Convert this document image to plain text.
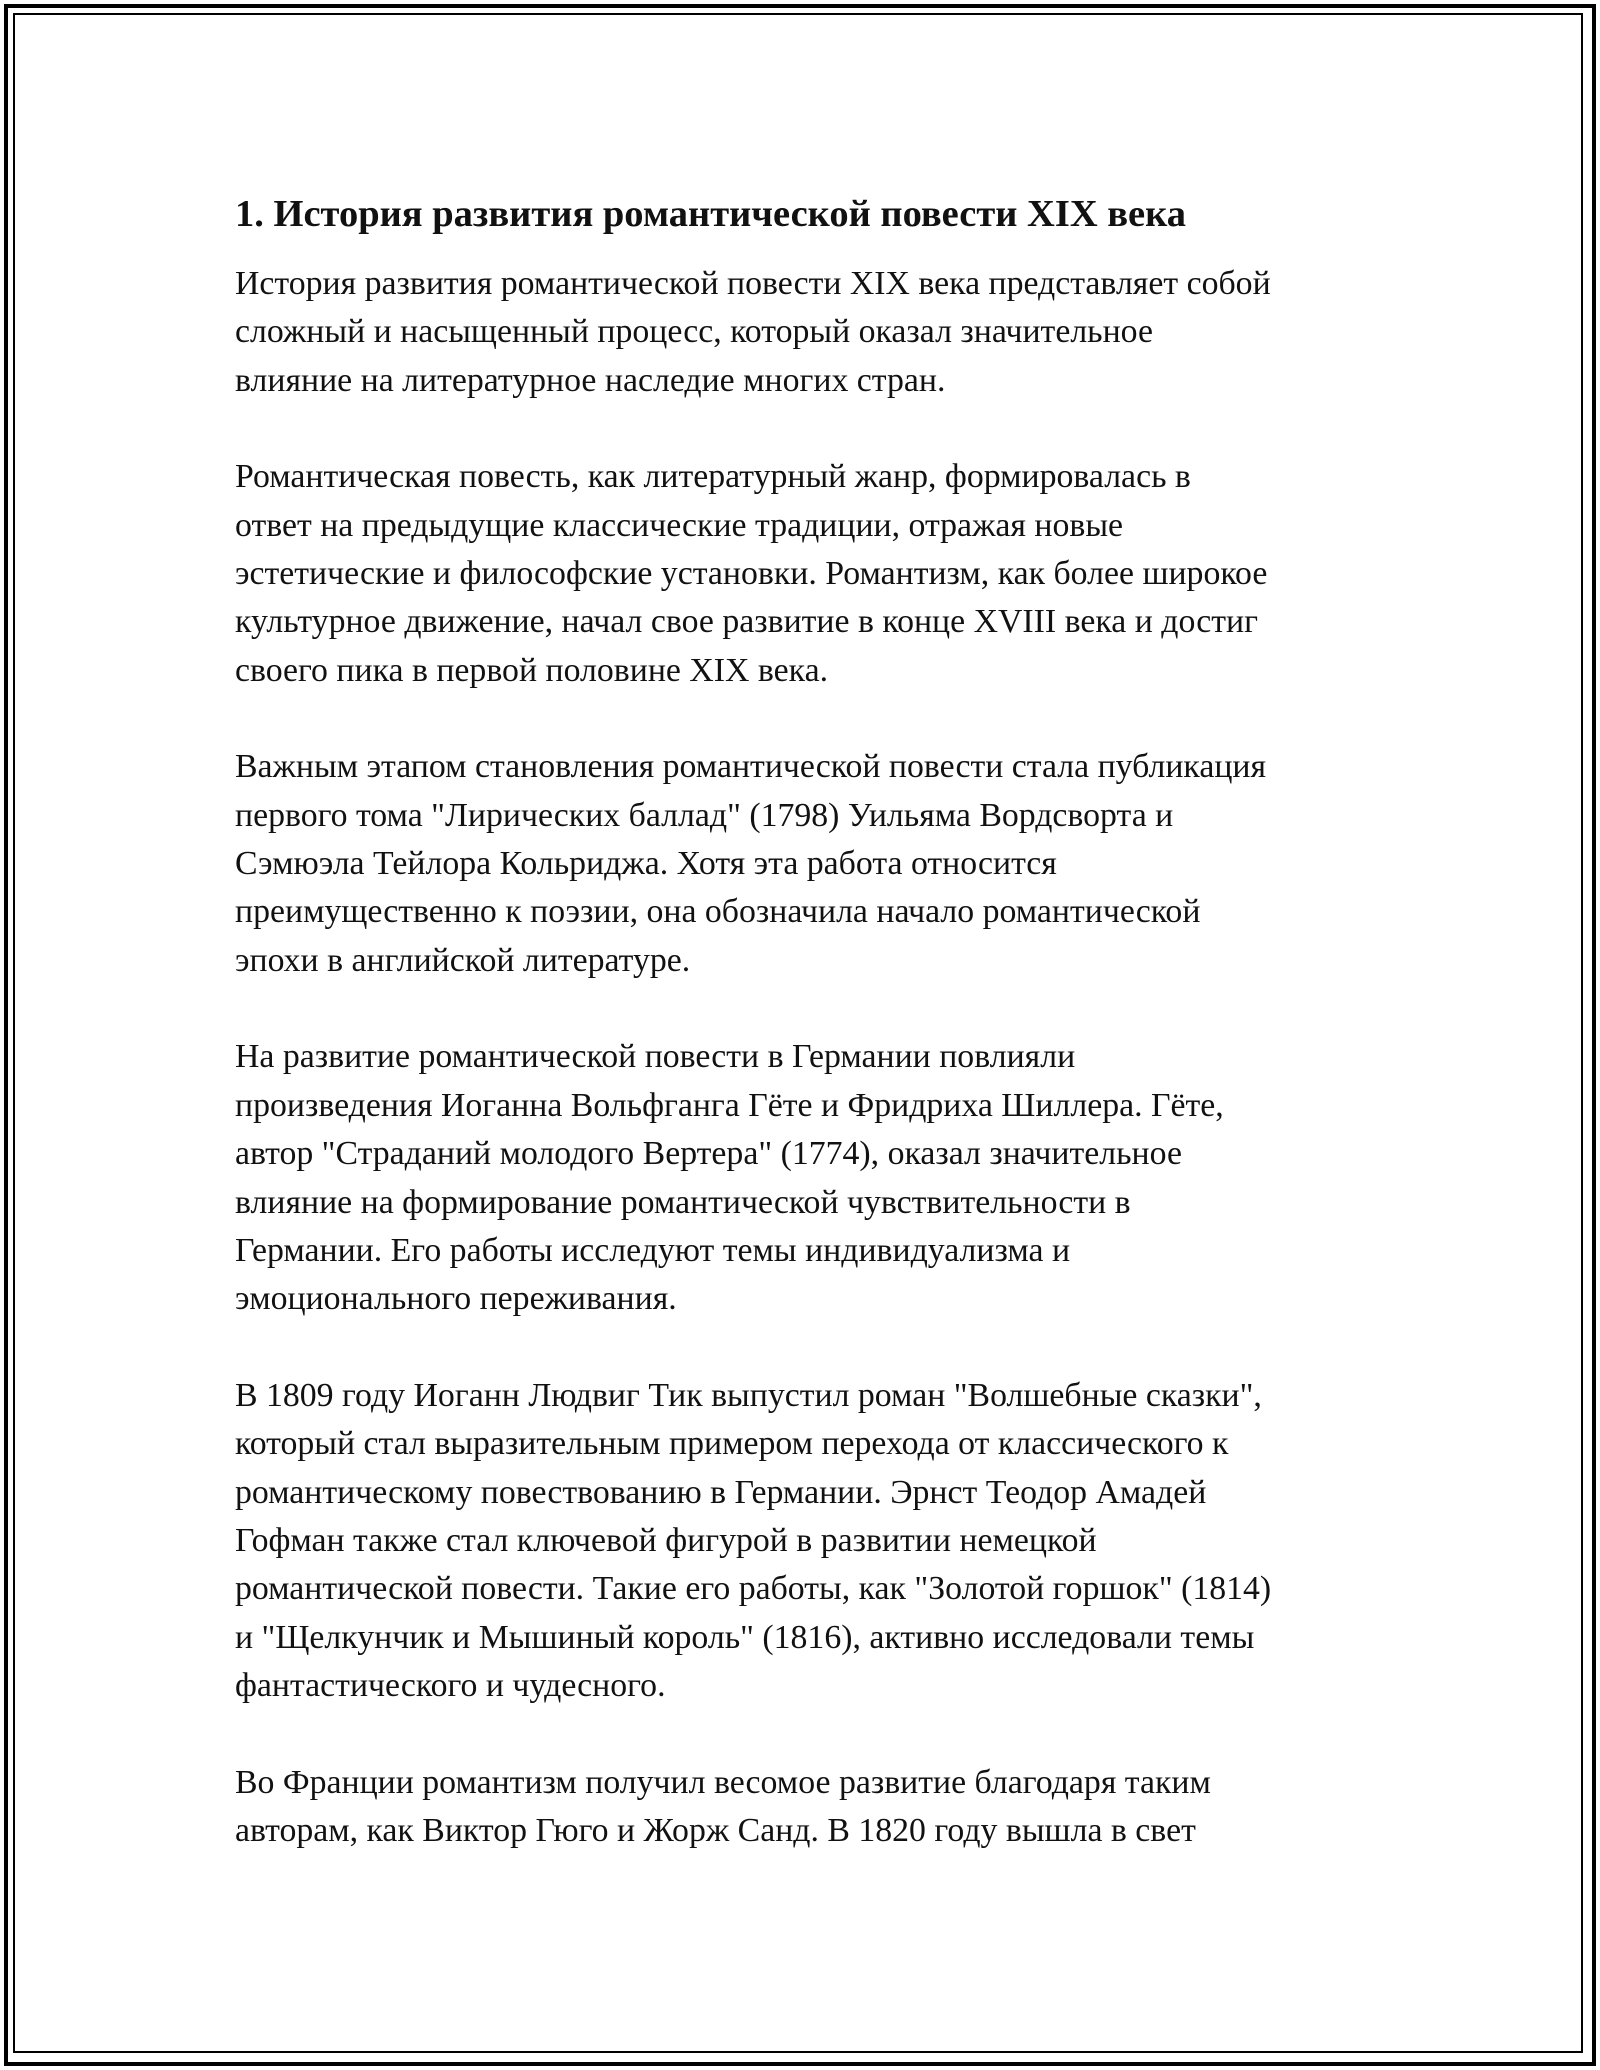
1. История развития романтической повести XIX века

История развития романтической повести XIX века представляет собой
сложный и насыщенный процесс, который оказал значительное
влияние на литературное наследие многих стран.

Романтическая повесть, как литературный жанр, формировалась в
ответ на предыдущие классические традиции, отражая новые
эстетические и философские установки. Романтизм, как более широкое
культурное движение, начал свое развитие в конце XVIII века и достиг
своего пика в первой половине XIX века.

Важным этапом становления романтической повести стала публикация
первого тома "Лирических баллад" (1798) Уильяма Вордсворта и
Сэмюэла Тейлора Кольриджа. Хотя эта работа относится
преимущественно к поэзии, она обозначила начало романтической
эпохи в английской литературе.

На развитие романтической повести в Германии повлияли
произведения Иоганна Вольфганга Гёте и Фридриха Шиллера. Гёте,
автор "Страданий молодого Вертера" (1774), оказал значительное
влияние на формирование романтической чувствительности в
Германии. Его работы исследуют темы индивидуализма и
эмоционального переживания.

В 1809 году Иоганн Людвиг Тик выпустил роман "Волшебные сказки",
который стал выразительным примером перехода от классического к
романтическому повествованию в Германии. Эрнст Теодор Амадей
Гофман также стал ключевой фигурой в развитии немецкой
романтической повести. Такие его работы, как "Золотой горшок" (1814)
и "Щелкунчик и Мышиный король" (1816), активно исследовали темы
фантастического и чудесного.

Во Франции романтизм получил весомое развитие благодаря таким
авторам, как Виктор Гюго и Жорж Санд. В 1820 году вышла в свет
